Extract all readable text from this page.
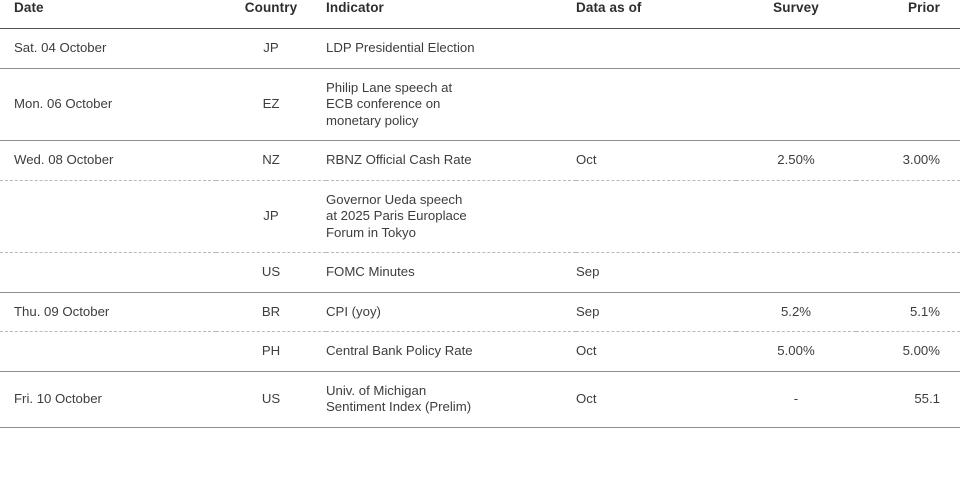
Date	Country	Indicator	Data as of	Survey	Prior
Sat. 04 October	JP	LDP Presidential Election			

Mon. 06 October	EZ	Philip Lane speech at
ECB conference on
monetary policy			

Wed. 08 October	NZ	RBNZ Official Cash Rate	Oct	2.50%	3.00%
	JP	Governor Ueda speech
at 2025 Paris Europlace
Forum in Tokyo			

	US	FOMC Minutes	Sep		
Thu. 09 October	BR	CPI (yoy)	Sep	5.2%	5.1%
	PH	Central Bank Policy Rate	Oct	5.00%	5.00%
Fri. 10 October	US	Univ. of Michigan
Sentiment Index (Prelim)	Oct	-	55.1
